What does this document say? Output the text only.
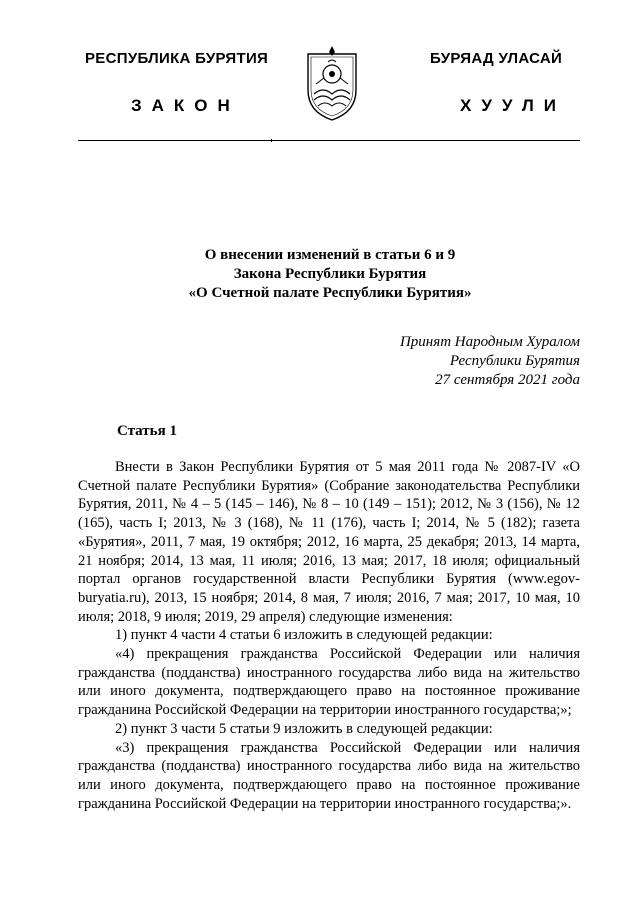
РЕСПУБЛИКА БУРЯТИЯ	БУРЯАД УЛАСАЙ
ЗАКОН	ХУУЛИ
О внесении изменений в статьи 6 и 9
Закона Республики Бурятия
«О Счетной палате Республики Бурятия»
Принят Народным Хуралом
Республики Бурятия
27 сентября 2021 года
Статья 1

Внести в Закон Республики Бурятия от 5 мая 2011 года № 2087-IV «О Счетной палате Республики Бурятия» (Собрание законодательства Республики Бурятия, 2011, № 4 – 5 (145 – 146), № 8 – 10 (149 – 151); 2012, № 3 (156), № 12 (165), часть I; 2013, № 3 (168), № 11 (176), часть I; 2014, № 5 (182); газета «Бурятия», 2011, 7 мая, 19 октября; 2012, 16 марта, 25 декабря; 2013, 14 марта, 21 ноября; 2014, 13 мая, 11 июля; 2016, 13 мая; 2017, 18 июля; официальный портал органов государственной власти Республики Бурятия (www.egov-buryatia.ru), 2013, 15 ноября; 2014, 8 мая, 7 июля; 2016, 7 мая; 2017, 10 мая, 10 июля; 2018, 9 июля; 2019, 29 апреля) следующие изменения:

1) пункт 4 части 4 статьи 6 изложить в следующей редакции:

«4) прекращения гражданства Российской Федерации или наличия гражданства (подданства) иностранного государства либо вида на жительство или иного документа, подтверждающего право на постоянное проживание гражданина Российской Федерации на территории иностранного государства;»;

2) пункт 3 части 5 статьи 9 изложить в следующей редакции:

«3) прекращения гражданства Российской Федерации или наличия гражданства (подданства) иностранного государства либо вида на жительство или иного документа, подтверждающего право на постоянное проживание гражданина Российской Федерации на территории иностранного государства;».
